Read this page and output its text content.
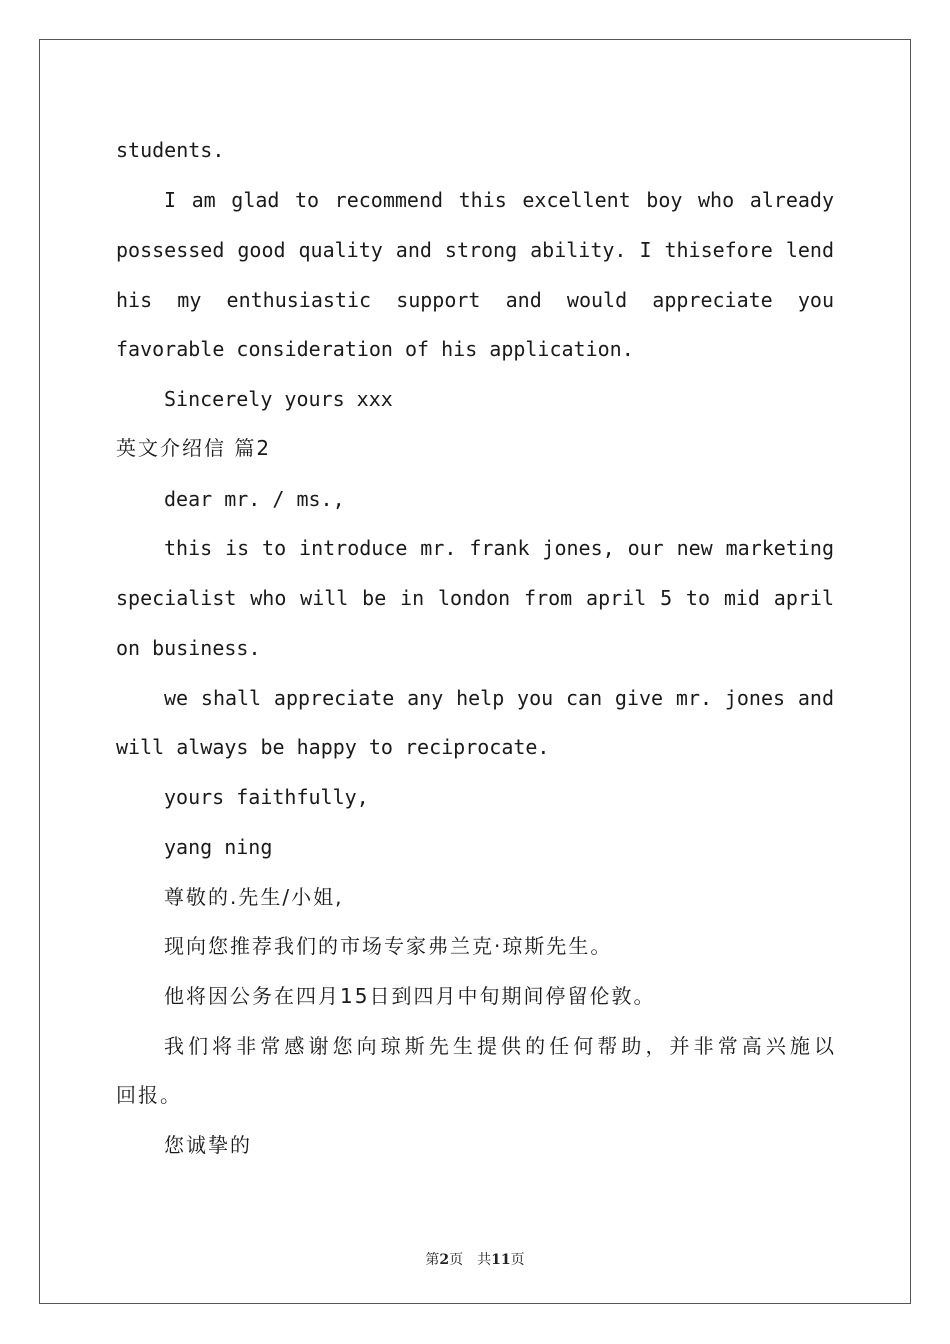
students.
I am glad to recommend this excellent boy who already
possessed good quality and strong ability. I thisefore lend
his my enthusiastic support and would appreciate you
favorable consideration of his application.
Sincerely yours xxx
英文介绍信 篇2
dear mr. / ms.,
this is to introduce mr. frank jones, our new marketing
specialist who will be in london from april 5 to mid april
on business.
we shall appreciate any help you can give mr. jones and
will always be happy to reciprocate.
yours faithfully,
yang ning
尊敬的.先生/小姐,
现向您推荐我们的市场专家弗兰克·琼斯先生。
他将因公务在四月15日到四月中旬期间停留伦敦。
我们将非常感谢您向琼斯先生提供的任何帮助，并非常高兴施以
回报。
您诚挚的
第2页　共11页
